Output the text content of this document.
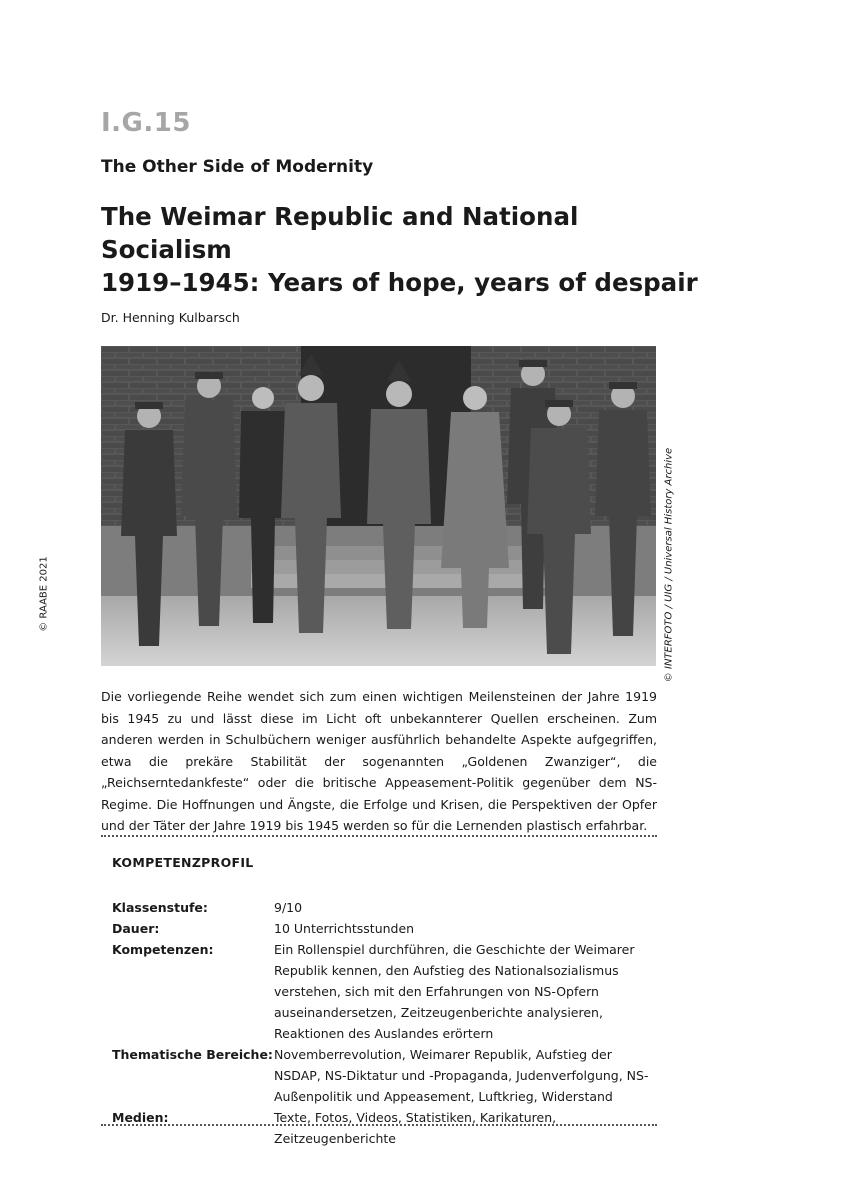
I.G.15
The Other Side of Modernity
The Weimar Republic and National Socialism
1919–1945: Years of hope, years of despair
Dr. Henning Kulbarsch
© RAABE 2021	© INTERFOTO / UIG / Universal History Archive

Die vorliegende Reihe wendet sich zum einen wichtigen Meilensteinen der Jahre 1919 bis 1945 zu und lässt diese im Licht oft unbekannterer Quellen erscheinen. Zum anderen werden in Schulbüchern weniger ausführlich behandelte Aspekte aufgegriffen, etwa die prekäre Stabilität der sogenannten „Goldenen Zwanziger“, die „Reichserntedankfeste“ oder die britische Appeasement-Politik gegenüber dem NS-Regime. Die Hoffnungen und Ängste, die Erfolge und Krisen, die Perspektiven der Opfer und der Täter der Jahre 1919 bis 1945 werden so für die Lernenden plastisch erfahrbar.

KOMPETENZPROFIL
Klassenstufe:	9/10
Dauer:	10 Unterrichtsstunden
Kompetenzen:	Ein Rollenspiel durchführen, die Geschichte der Weimarer Republik kennen, den Aufstieg des Nationalsozialismus verstehen, sich mit den Erfahrungen von NS-Opfern auseinandersetzen, Zeitzeugenberichte analysieren, Reaktionen des Auslandes erörtern
Thematische Bereiche: Novemberrevolution, Weimarer Republik, Aufstieg der NSDAP, NS-Diktatur und -Propaganda, Judenverfolgung, NS-Außenpolitik und Appeasement, Luftkrieg, Widerstand
Medien:	Texte, Fotos, Videos, Statistiken, Karikaturen, Zeitzeugenberichte
